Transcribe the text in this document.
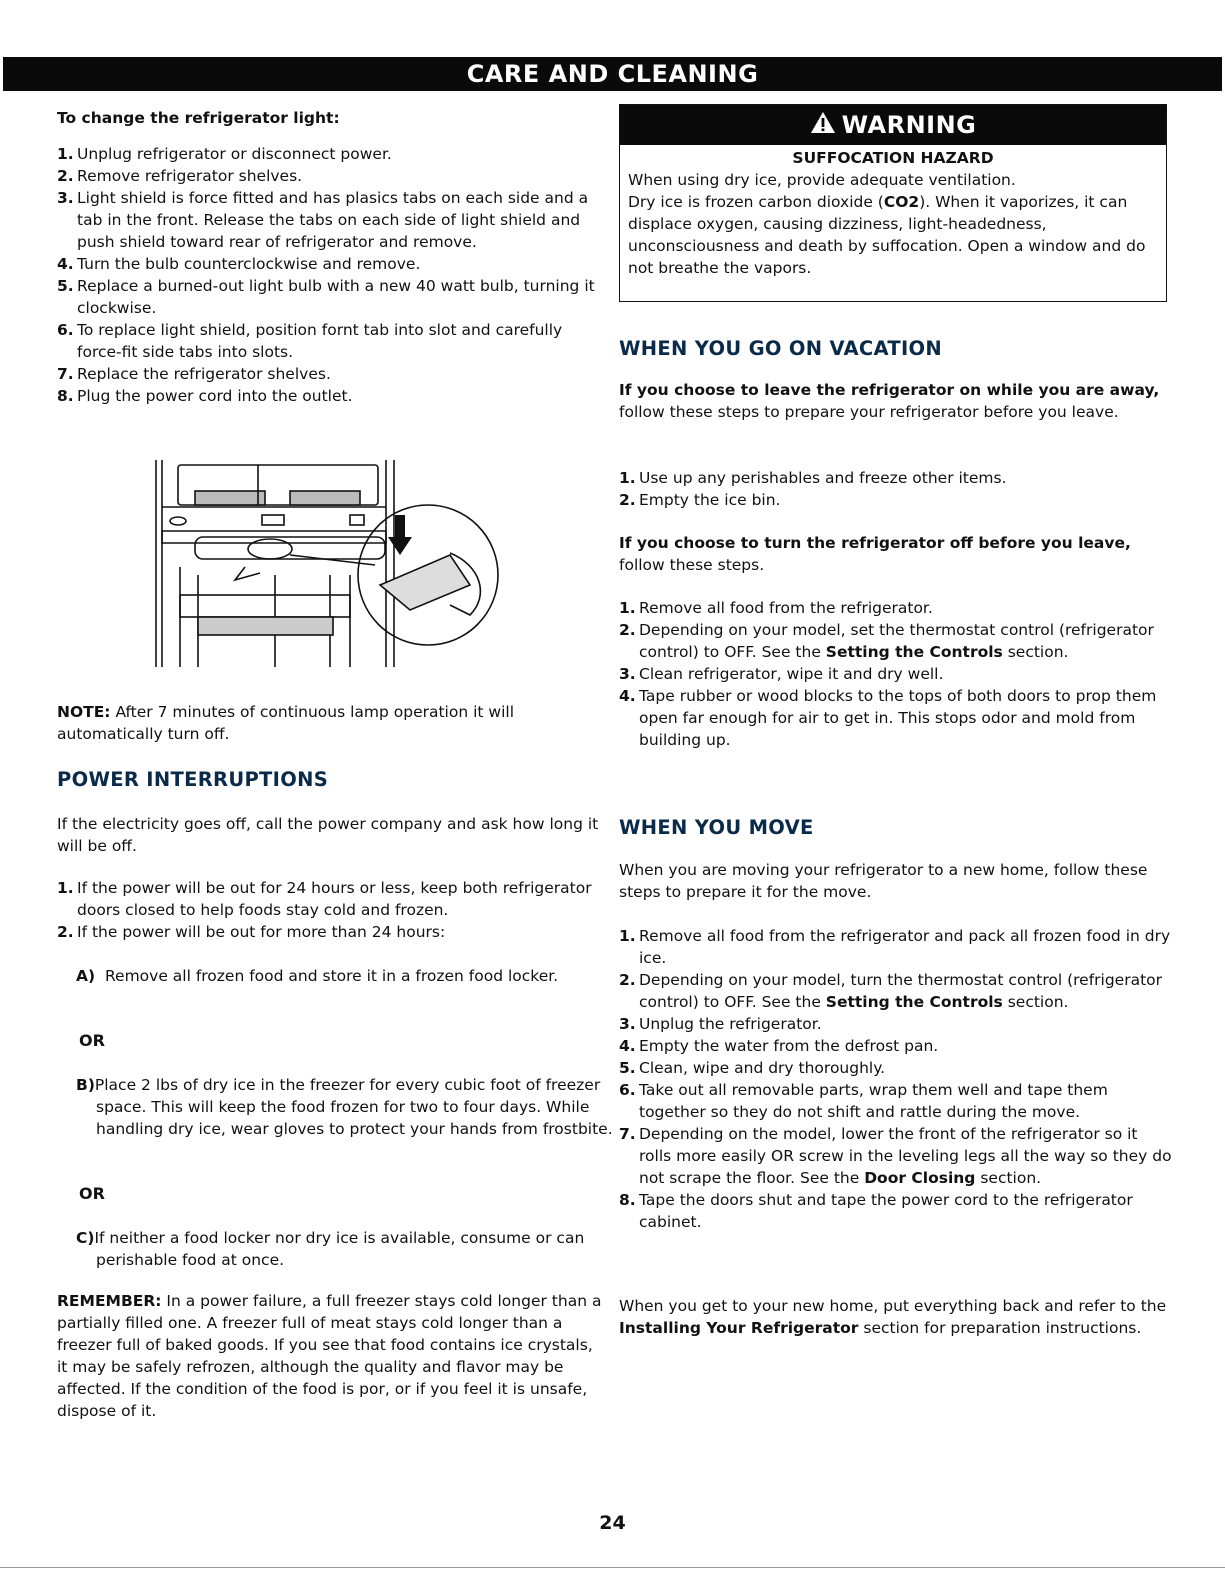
CARE AND CLEANING
To change the refrigerator light:
1. Unplug refrigerator or disconnect power.
2. Remove refrigerator shelves.
3. Light shield is force fitted and has plasics tabs on each side and a tab in the front. Release the tabs on each side of light shield and push shield toward rear of refrigerator and remove.
4. Turn the bulb counterclockwise and remove.
5. Replace a burned-out light bulb with a new 40 watt bulb, turning it clockwise.
6. To replace light shield, position fornt tab into slot and carefully force-fit side tabs into slots.
7. Replace the refrigerator shelves.
8. Plug the power cord into the outlet.
NOTE: After 7 minutes of continuous lamp operation it will automatically turn off.
POWER INTERRUPTIONS
If the electricity goes off, call the power company and ask how long it will be off.
1. If the power will be out for 24 hours or less, keep both refrigerator doors closed to help foods stay cold and frozen.
2. If the power will be out for more than 24 hours:
A) Remove all frozen food and store it in a frozen food locker.
OR
B)Place 2 lbs of dry ice in the freezer for every cubic foot of freezer space. This will keep the food frozen for two to four days. While handling dry ice, wear gloves to protect your hands from frostbite.
OR
C)If neither a food locker nor dry ice is available, consume or can perishable food at once.
REMEMBER: In a power failure, a full freezer stays cold longer than a partially filled one. A freezer full of meat stays cold longer than a freezer full of baked goods. If you see that food contains ice crystals, it may be safely refrozen, although the quality and flavor may be affected. If the condition of the food is por, or if you feel it is unsafe, dispose of it.
WARNING
SUFFOCATION HAZARD
When using dry ice, provide adequate ventilation.
Dry ice is frozen carbon dioxide (CO2). When it vaporizes, it can displace oxygen, causing dizziness, light-headedness, unconsciousness and death by suffocation. Open a window and do not breathe the vapors.
WHEN YOU GO ON VACATION
If you choose to leave the refrigerator on while you are away, follow these steps to prepare your refrigerator before you leave.
1. Use up any perishables and freeze other items.
2. Empty the ice bin.
If you choose to turn the refrigerator off before you leave, follow these steps.
1. Remove all food from the refrigerator.
2. Depending on your model, set the thermostat control (refrigerator control) to OFF. See the Setting the Controls section.
3. Clean refrigerator, wipe it and dry well.
4. Tape rubber or wood blocks to the tops of both doors to prop them open far enough for air to get in. This stops odor and mold from building up.
WHEN YOU MOVE
When you are moving your refrigerator to a new home, follow these steps to prepare it for the move.
1. Remove all food from the refrigerator and pack all frozen food in dry ice.
2. Depending on your model, turn the thermostat control (refrigerator control) to OFF. See the Setting the Controls section.
3. Unplug the refrigerator.
4. Empty the water from the defrost pan.
5. Clean, wipe and dry thoroughly.
6. Take out all removable parts, wrap them well and tape them together so they do not shift and rattle during the move.
7. Depending on the model, lower the front of the refrigerator so it rolls more easily OR screw in the leveling legs all the way so they do not scrape the floor. See the Door Closing section.
8. Tape the doors shut and tape the power cord to the refrigerator cabinet.
When you get to your new home, put everything back and refer to the Installing Your Refrigerator section for preparation instructions.
24
